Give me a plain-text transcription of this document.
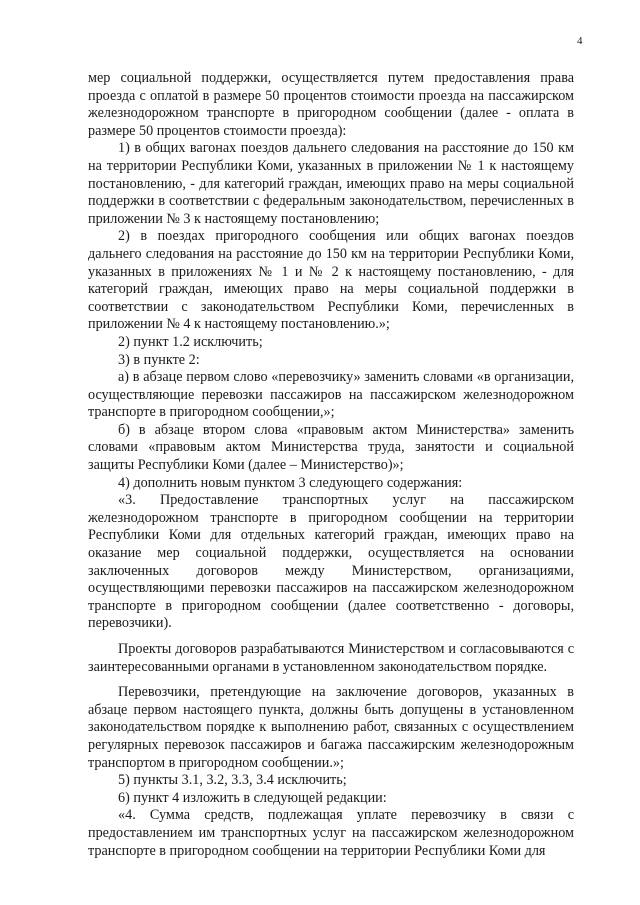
4

мер социальной поддержки, осуществляется путем предоставления права проезда с оплатой в размере 50 процентов стоимости проезда на пассажирском железнодорожном транспорте в пригородном сообщении (далее - оплата в размере 50 процентов стоимости проезда):

1) в общих вагонах поездов дальнего следования на расстояние до 150 км на территории Республики Коми, указанных в приложении № 1 к настоящему постановлению, - для категорий граждан, имеющих право на меры социальной поддержки в соответствии с федеральным законодательством, перечисленных в приложении № 3 к настоящему постановлению;

2) в поездах пригородного сообщения или общих вагонах поездов дальнего следования на расстояние до 150 км на территории Республики Коми, указанных в приложениях № 1 и № 2 к настоящему постановлению, - для категорий граждан, имеющих право на меры социальной поддержки в соответствии с законодательством Республики Коми, перечисленных в приложении № 4 к настоящему постановлению.»;

2) пункт 1.2 исключить;

3) в пункте 2:

а) в абзаце первом слово «перевозчику» заменить словами «в организации, осуществляющие перевозки пассажиров на пассажирском железнодорожном транспорте в пригородном сообщении,»;

б) в абзаце втором слова «правовым актом Министерства» заменить словами «правовым актом Министерства труда, занятости и социальной защиты Республики Коми (далее – Министерство)»;

4) дополнить новым пунктом 3 следующего содержания:

«3. Предоставление транспортных услуг на пассажирском железнодорожном транспорте в пригородном сообщении на территории Республики Коми для отдельных категорий граждан, имеющих право на оказание мер социальной поддержки, осуществляется на основании заключенных договоров между Министерством, организациями, осуществляющими перевозки пассажиров на пассажирском железнодорожном транспорте в пригородном сообщении (далее соответственно - договоры, перевозчики).

Проекты договоров разрабатываются Министерством и согласовываются с заинтересованными органами в установленном законодательством порядке.

Перевозчики, претендующие на заключение договоров, указанных в абзаце первом настоящего пункта, должны быть допущены в установленном законодательством порядке к выполнению работ, связанных с осуществлением регулярных перевозок пассажиров и багажа пассажирским железнодорожным транспортом в пригородном сообщении.»;

5) пункты 3.1, 3.2, 3.3, 3.4 исключить;

6) пункт 4 изложить в следующей редакции:

«4. Сумма средств, подлежащая уплате перевозчику в связи с предоставлением им транспортных услуг на пассажирском железнодорожном транспорте в пригородном сообщении на территории Республики Коми для
